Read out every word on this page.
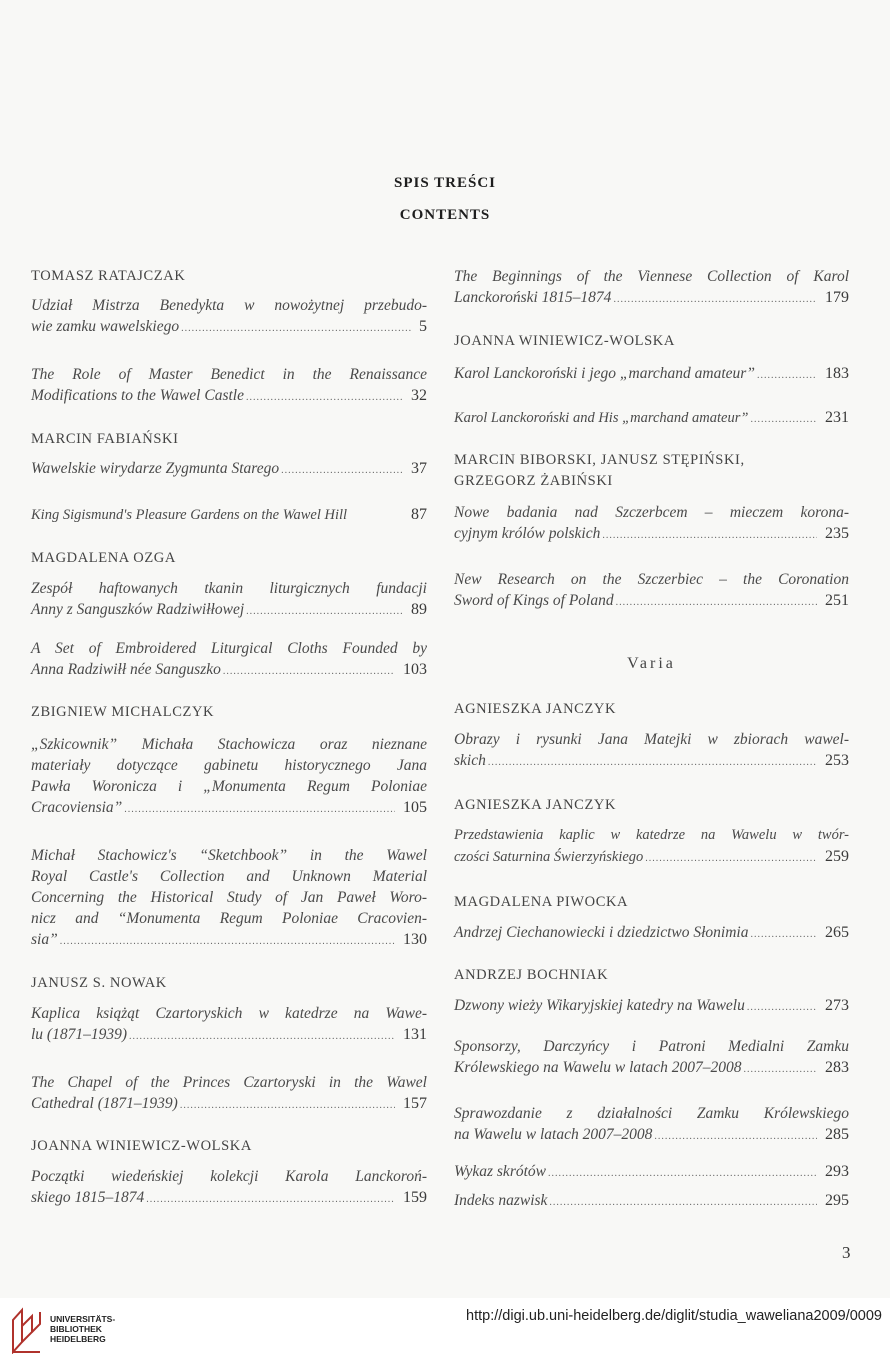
SPIS TREŚCI
CONTENTS
TOMASZ RATAJCZAK
Udział Mistrza Benedykta w nowożytnej przebudo-
wie zamku wawelskiego .....	5
The Role of Master Benedict in the Renaissance
Modifications to the Wawel Castle .....	32
MARCIN FABIAŃSKI
Wawelskie wirydarze Zygmunta Starego .....	37
King Sigismund's Pleasure Gardens on the Wawel Hill	87
MAGDALENA OZGA
Zespół haftowanych tkanin liturgicznych fundacji
Anny z Sanguszków Radziwiłłowej .....	89
A Set of Embroidered Liturgical Cloths Founded by
Anna Radziwiłł née Sanguszko .....	103
ZBIGNIEW MICHALCZYK
„Szkicownik” Michała Stachowicza oraz nieznane
materiały dotyczące gabinetu historycznego Jana
Pawła Woronicza i „Monumenta Regum Poloniae
Cracoviensia” .....	105
Michał Stachowicz's “Sketchbook” in the Wawel
Royal Castle's Collection and Unknown Material
Concerning the Historical Study of Jan Paweł Woro-
nicz and “Monumenta Regum Poloniae Cracovien-
sia” .....	130
JANUSZ S. NOWAK
Kaplica książąt Czartoryskich w katedrze na Wawe-
lu (1871–1939) .....	131
The Chapel of the Princes Czartoryski in the Wawel
Cathedral (1871–1939) .....	157
JOANNA WINIEWICZ-WOLSKA
Początki wiedeńskiej kolekcji Karola Lanckoroń-
skiego 1815–1874 .....	159
The Beginnings of the Viennese Collection of Karol
Lanckoroński 1815–1874 .....	179
JOANNA WINIEWICZ-WOLSKA
Karol Lanckoroński i jego „marchand amateur” .....	183
Karol Lanckoroński and His „marchand amateur” .....	231
MARCIN BIBORSKI, JANUSZ STĘPIŃSKI,
GRZEGORZ ŻABIŃSKI
Nowe badania nad Szczerbcem – mieczem korona-
cyjnym królów polskich .....	235
New Research on the Szczerbiec – the Coronation
Sword of Kings of Poland .....	251
Varia
AGNIESZKA JANCZYK
Obrazy i rysunki Jana Matejki w zbiorach wawel-
skich .....	253
AGNIESZKA JANCZYK
Przedstawienia kaplic w katedrze na Wawelu w twór-
czości Saturnina Świerzyńskiego .....	259
MAGDALENA PIWOCKA
Andrzej Ciechanowiecki i dziedzictwo Słonimia .....	265
ANDRZEJ BOCHNIAK
Dzwony wieży Wikaryjskiej katedry na Wawelu .....	273
Sponsorzy, Darczyńcy i Patroni Medialni Zamku
Królewskiego na Wawelu w latach 2007–2008 .....	283
Sprawozdanie z działalności Zamku Królewskiego
na Wawelu w latach 2007–2008 .....	285
Wykaz skrótów .....	293
Indeks nazwisk .....	295
3
UNIVERSITÄTS-
BIBLIOTHEK
HEIDELBERG
http://digi.ub.uni-heidelberg.de/diglit/studia_waweliana2009/0009
